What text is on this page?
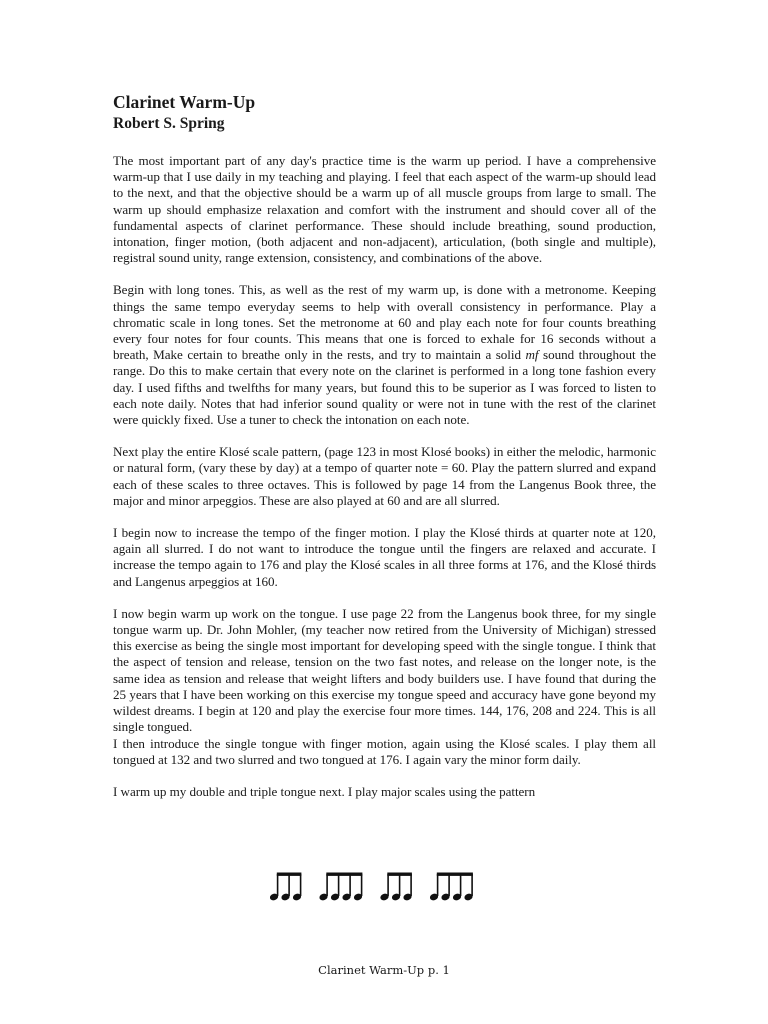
Clarinet Warm-Up
Robert S. Spring

The most important part of any day's practice time is the warm up period. I have a comprehensive warm-up that I use daily in my teaching and playing. I feel that each aspect of the warm-up should lead to the next, and that the objective should be a warm up of all muscle groups from large to small. The warm up should emphasize relaxation and comfort with the instrument and should cover all of the fundamental aspects of clarinet performance. These should include breathing, sound production, intonation, finger motion, (both adjacent and non-adjacent), articulation, (both single and multiple), registral sound unity, range extension, consistency, and combinations of the above.

Begin with long tones. This, as well as the rest of my warm up, is done with a metronome. Keeping things the same tempo everyday seems to help with overall consistency in performance. Play a chromatic scale in long tones. Set the metronome at 60 and play each note for four counts breathing every four notes for four counts. This means that one is forced to exhale for 16 seconds without a breath, Make certain to breathe only in the rests, and try to maintain a solid mf sound throughout the range. Do this to make certain that every note on the clarinet is performed in a long tone fashion every day. I used fifths and twelfths for many years, but found this to be superior as I was forced to listen to each note daily. Notes that had inferior sound quality or were not in tune with the rest of the clarinet were quickly fixed. Use a tuner to check the intonation on each note.

Next play the entire Klosé scale pattern, (page 123 in most Klosé books) in either the melodic, harmonic or natural form, (vary these by day) at a tempo of quarter note = 60. Play the pattern slurred and expand each of these scales to three octaves. This is followed by page 14 from the Langenus Book three, the major and minor arpeggios. These are also played at 60 and are all slurred.

I begin now to increase the tempo of the finger motion. I play the Klosé thirds at quarter note at 120, again all slurred. I do not want to introduce the tongue until the fingers are relaxed and accurate. I increase the tempo again to 176 and play the Klosé scales in all three forms at 176, and the Klosé thirds and Langenus arpeggios at 160.

I now begin warm up work on the tongue. I use page 22 from the Langenus book three, for my single tongue warm up. Dr. John Mohler, (my teacher now retired from the University of Michigan) stressed this exercise as being the single most important for developing speed with the single tongue. I think that the aspect of tension and release, tension on the two fast notes, and release on the longer note, is the same idea as tension and release that weight lifters and body builders use. I have found that during the 25 years that I have been working on this exercise my tongue speed and accuracy have gone beyond my wildest dreams. I begin at 120 and play the exercise four more times. 144, 176, 208 and 224. This is all single tongued.

I then introduce the single tongue with finger motion, again using the Klosé scales. I play them all tongued at 132 and two slurred and two tongued at 176. I again vary the minor form daily.

I warm up my double and triple tongue next. I play major scales using the pattern

Clarinet Warm-Up p. 1
